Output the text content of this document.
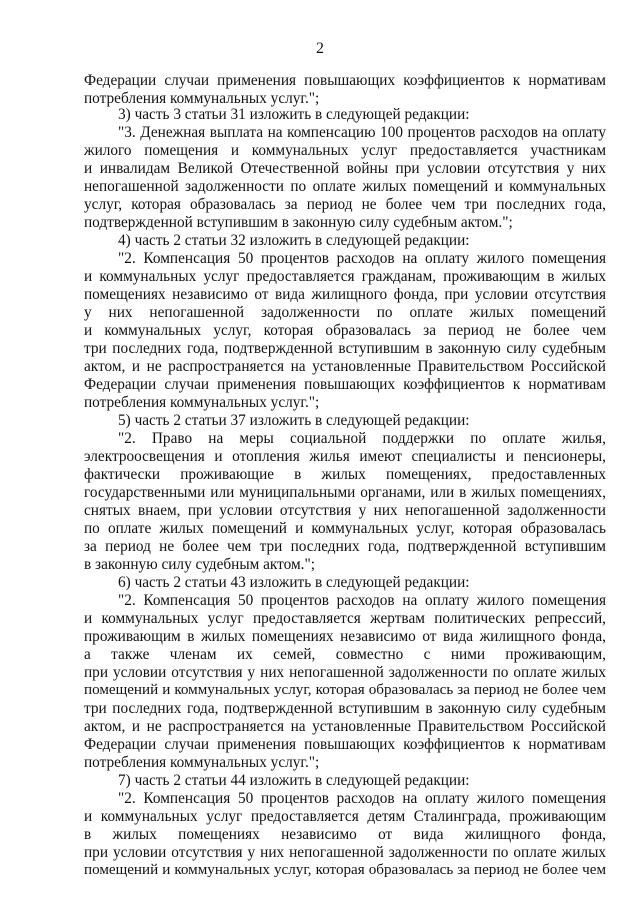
2
Федерации случаи применения повышающих коэффициентов к нормативам
потребления коммунальных услуг.";
3) часть 3 статьи 31 изложить в следующей редакции:
"3. Денежная выплата на компенсацию 100 процентов расходов на оплату
жилого помещения и коммунальных услуг предоставляется участникам
и инвалидам Великой Отечественной войны при условии отсутствия у них
непогашенной задолженности по оплате жилых помещений и коммунальных
услуг, которая образовалась за период не более чем три последних года,
подтвержденной вступившим в законную силу судебным актом.";
4) часть 2 статьи 32 изложить в следующей редакции:
"2. Компенсация 50 процентов расходов на оплату жилого помещения
и коммунальных услуг предоставляется гражданам, проживающим в жилых
помещениях независимо от вида жилищного фонда, при условии отсутствия
у них непогашенной задолженности по оплате жилых помещений
и коммунальных услуг, которая образовалась за период не более чем
три последних года, подтвержденной вступившим в законную силу судебным
актом, и не распространяется на установленные Правительством Российской
Федерации случаи применения повышающих коэффициентов к нормативам
потребления коммунальных услуг.";
5) часть 2 статьи 37 изложить в следующей редакции:
"2. Право на меры социальной поддержки по оплате жилья,
электроосвещения и отопления жилья имеют специалисты и пенсионеры,
фактически проживающие в жилых помещениях, предоставленных
государственными или муниципальными органами, или в жилых помещениях,
снятых внаем, при условии отсутствия у них непогашенной задолженности
по оплате жилых помещений и коммунальных услуг, которая образовалась
за период не более чем три последних года, подтвержденной вступившим
в законную силу судебным актом.";
6) часть 2 статьи 43 изложить в следующей редакции:
"2. Компенсация 50 процентов расходов на оплату жилого помещения
и коммунальных услуг предоставляется жертвам политических репрессий,
проживающим в жилых помещениях независимо от вида жилищного фонда,
а также членам их семей, совместно с ними проживающим,
при условии отсутствия у них непогашенной задолженности по оплате жилых
помещений и коммунальных услуг, которая образовалась за период не более чем
три последних года, подтвержденной вступившим в законную силу судебным
актом, и не распространяется на установленные Правительством Российской
Федерации случаи применения повышающих коэффициентов к нормативам
потребления коммунальных услуг.";
7) часть 2 статьи 44 изложить в следующей редакции:
"2. Компенсация 50 процентов расходов на оплату жилого помещения
и коммунальных услуг предоставляется детям Сталинграда, проживающим
в жилых помещениях независимо от вида жилищного фонда,
при условии отсутствия у них непогашенной задолженности по оплате жилых
помещений и коммунальных услуг, которая образовалась за период не более чем
